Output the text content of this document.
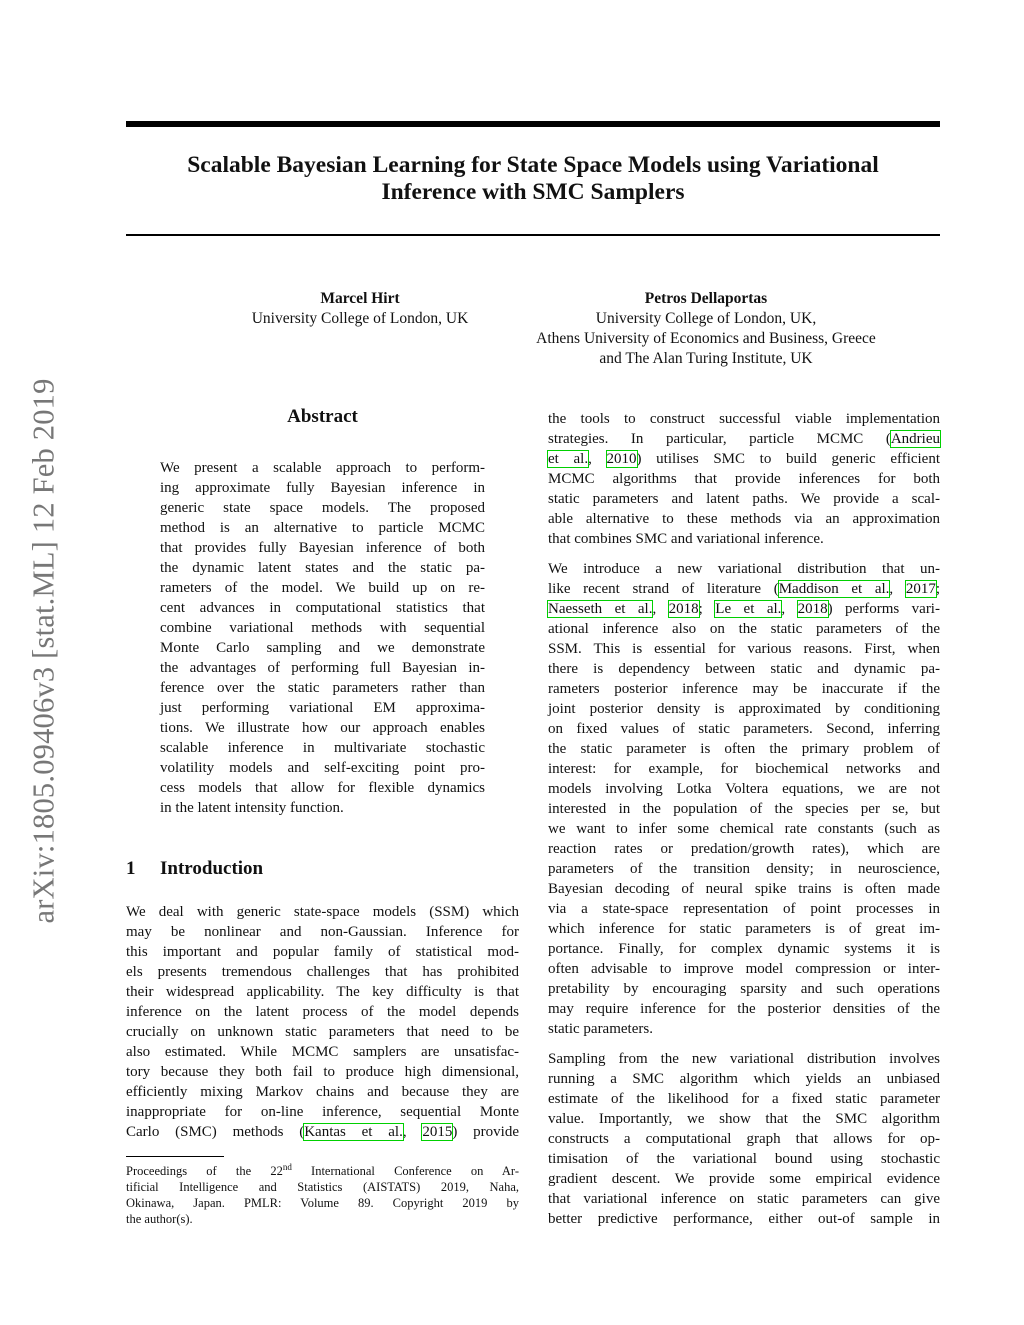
Scalable Bayesian Learning for State Space Models using Variational
Inference with SMC Samplers
Marcel Hirt
University College of London, UK
Petros Dellaportas
University College of London, UK,
Athens University of Economics and Business, Greece
and The Alan Turing Institute, UK
arXiv:1805.09406v3 [stat.ML] 12 Feb 2019	Abstract
We present a scalable approach to perform-
ing approximate fully Bayesian inference in
generic state space models. The proposed
method is an alternative to particle MCMC
that provides fully Bayesian inference of both
the dynamic latent states and the static pa-
rameters of the model. We build up on re-
cent advances in computational statistics that
combine variational methods with sequential
Monte Carlo sampling and we demonstrate
the advantages of performing full Bayesian in-
ference over the static parameters rather than
just performing variational EM approxima-
tions. We illustrate how our approach enables
scalable inference in multivariate stochastic
volatility models and self-exciting point pro-
cess models that allow for flexible dynamics
in the latent intensity function.
1 Introduction
We deal with generic state-space models (SSM) which
may be nonlinear and non-Gaussian. Inference for
this important and popular family of statistical mod-
els presents tremendous challenges that has prohibited
their widespread applicability. The key difficulty is that
inference on the latent process of the model depends
crucially on unknown static parameters that need to be
also estimated. While MCMC samplers are unsatisfac-
tory because they both fail to produce high dimensional,
efficiently mixing Markov chains and because they are
inappropriate for on-line inference, sequential Monte
Carlo (SMC) methods (Kantas et al., 2015) provide
Proceedings of the 22nd International Conference on Ar-
tificial Intelligence and Statistics (AISTATS) 2019, Naha,
Okinawa, Japan. PMLR: Volume 89. Copyright 2019 by
the author(s).

the tools to construct successful viable implementation
strategies. In particular, particle MCMC (Andrieu
et al., 2010) utilises SMC to build generic efficient
MCMC algorithms that provide inferences for both
static parameters and latent paths. We provide a scal-
able alternative to these methods via an approximation
that combines SMC and variational inference.

We introduce a new variational distribution that un-
like recent strand of literature (Maddison et al., 2017;
Naesseth et al., 2018; Le et al., 2018) performs vari-
ational inference also on the static parameters of the
SSM. This is essential for various reasons. First, when
there is dependency between static and dynamic pa-
rameters posterior inference may be inaccurate if the
joint posterior density is approximated by conditioning
on fixed values of static parameters. Second, inferring
the static parameter is often the primary problem of
interest: for example, for biochemical networks and
models involving Lotka Voltera equations, we are not
interested in the population of the species per se, but
we want to infer some chemical rate constants (such as
reaction rates or predation/growth rates), which are
parameters of the transition density; in neuroscience,
Bayesian decoding of neural spike trains is often made
via a state-space representation of point processes in
which inference for static parameters is of great im-
portance. Finally, for complex dynamic systems it is
often advisable to improve model compression or inter-
pretability by encouraging sparsity and such operations
may require inference for the posterior densities of the
static parameters.

Sampling from the new variational distribution involves
running a SMC algorithm which yields an unbiased
estimate of the likelihood for a fixed static parameter
value. Importantly, we show that the SMC algorithm
constructs a computational graph that allows for op-
timisation of the variational bound using stochastic
gradient descent. We provide some empirical evidence
that variational inference on static parameters can give
better predictive performance, either out-of sample in
